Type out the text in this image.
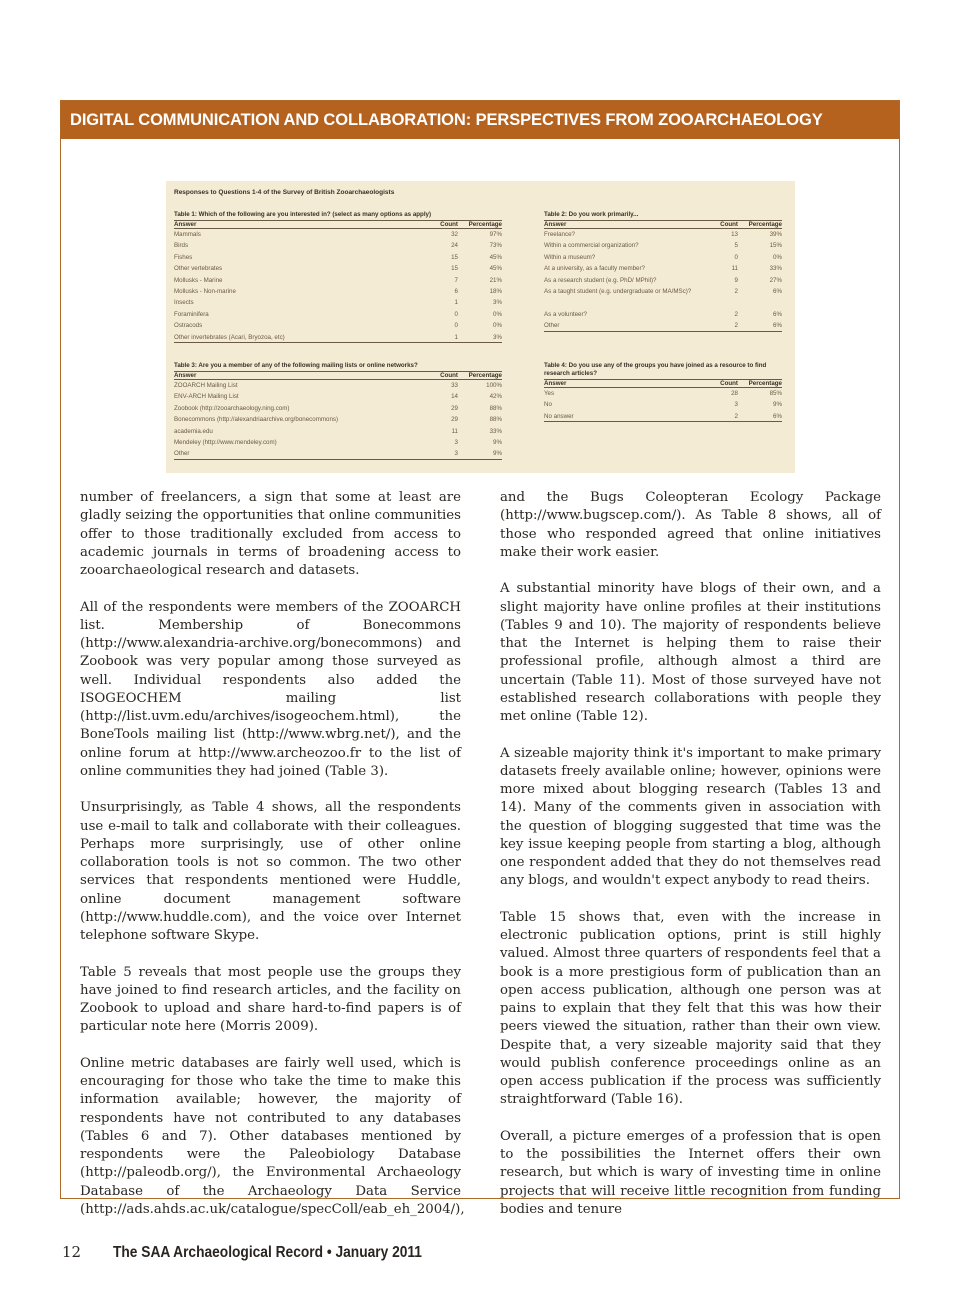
DIGITAL COMMUNICATION AND COLLABORATION: PERSPECTIVES FROM ZOOARCHAEOLOGY
Responses to Questions 1-4 of the Survey of British Zooarchaeologists
Table 1: Which of the following are you interested in? (select as many options as apply)
Answer	Count	Percentage
Mammals	32	97%
Birds	24	73%
Fishes	15	45%
Other vertebrates	15	45%
Mollusks - Marine	7	21%
Mollusks - Non-marine	6	18%
Insects	1	3%
Foraminifera	0	0%
Ostracods	0	0%
Other invertebrates (Acari, Bryozoa, etc)	1	3%
Table 2: Do you work primarily...
Answer	Count	Percentage
Freelance?	13	39%
Within a commercial organization?	5	15%
Within a museum?	0	0%
At a university, as a faculty member?	11	33%
As a research student (e.g. PhD/ MPhil)?	9	27%
As a taught student (e.g. undergraduate or MA/MSc)?	2	6%
As a volunteer?	2	6%
Other	2	6%
Table 3: Are you a member of any of the following mailing lists or online networks?
Answer	Count	Percentage
ZOOARCH Mailing List	33	100%
ENV-ARCH Mailing List	14	42%
Zoobook (http://zooarchaeology.ning.com)	29	88%
Bonecommons (http://alexandriaarchive.org/bonecommons)	29	88%
academia.edu	11	33%
Mendeley (http://www.mendeley.com)	3	9%
Other	3	9%
Table 4: Do you use any of the groups you have joined as a resource to find research articles?
Answer	Count	Percentage
Yes	28	85%
No	3	9%
No answer	2	6%

number of freelancers, a sign that some at least are gladly seizing the opportunities that online communities offer to those traditionally excluded from access to academic journals in terms of broadening access to zooarchaeological research and datasets.

All of the respondents were members of the ZOOARCH list. Membership of Bonecommons (http://www.alexandria-archive.org/bonecommons) and Zoobook was very popular among those surveyed as well. Individual respondents also added the ISOGEOCHEM mailing list (http://list.uvm.edu/archives/isogeochem.html), the BoneTools mailing list (http://www.wbrg.net/), and the online forum at http://www.archeozoo.fr to the list of online communities they had joined (Table 3).

Unsurprisingly, as Table 4 shows, all the respondents use e-mail to talk and collaborate with their colleagues. Perhaps more surprisingly, use of other online collaboration tools is not so common. The two other services that respondents mentioned were Huddle, online document management software (http://www.huddle.com), and the voice over Internet telephone software Skype.

Table 5 reveals that most people use the groups they have joined to find research articles, and the facility on Zoobook to upload and share hard-to-find papers is of particular note here (Morris 2009).

Online metric databases are fairly well used, which is encouraging for those who take the time to make this information available; however, the majority of respondents have not contributed to any databases (Tables 6 and 7). Other databases mentioned by respondents were the Paleobiology Database (http://paleodb.org/), the Environmental Archaeology Database of the Archaeology Data Service (http://ads.ahds.ac.uk/catalogue/specColl/eab_eh_2004/),

and the Bugs Coleopteran Ecology Package (http://www.bugscep.com/). As Table 8 shows, all of those who responded agreed that online initiatives make their work easier.

A substantial minority have blogs of their own, and a slight majority have online profiles at their institutions (Tables 9 and 10). The majority of respondents believe that the Internet is helping them to raise their professional profile, although almost a third are uncertain (Table 11). Most of those surveyed have not established research collaborations with people they met online (Table 12).

A sizeable majority think it's important to make primary datasets freely available online; however, opinions were more mixed about blogging research (Tables 13 and 14). Many of the comments given in association with the question of blogging suggested that time was the key issue keeping people from starting a blog, although one respondent added that they do not themselves read any blogs, and wouldn't expect anybody to read theirs.

Table 15 shows that, even with the increase in electronic publication options, print is still highly valued. Almost three quarters of respondents feel that a book is a more prestigious form of publication than an open access publication, although one person was at pains to explain that they felt that this was how their peers viewed the situation, rather than their own view. Despite that, a very sizeable majority said that they would publish conference proceedings online as an open access publication if the process was sufficiently straightforward (Table 16).

Overall, a picture emerges of a profession that is open to the possibilities the Internet offers their own research, but which is wary of investing time in online projects that will receive little recognition from funding bodies and tenure

12 The SAA Archaeological Record • January 2011
